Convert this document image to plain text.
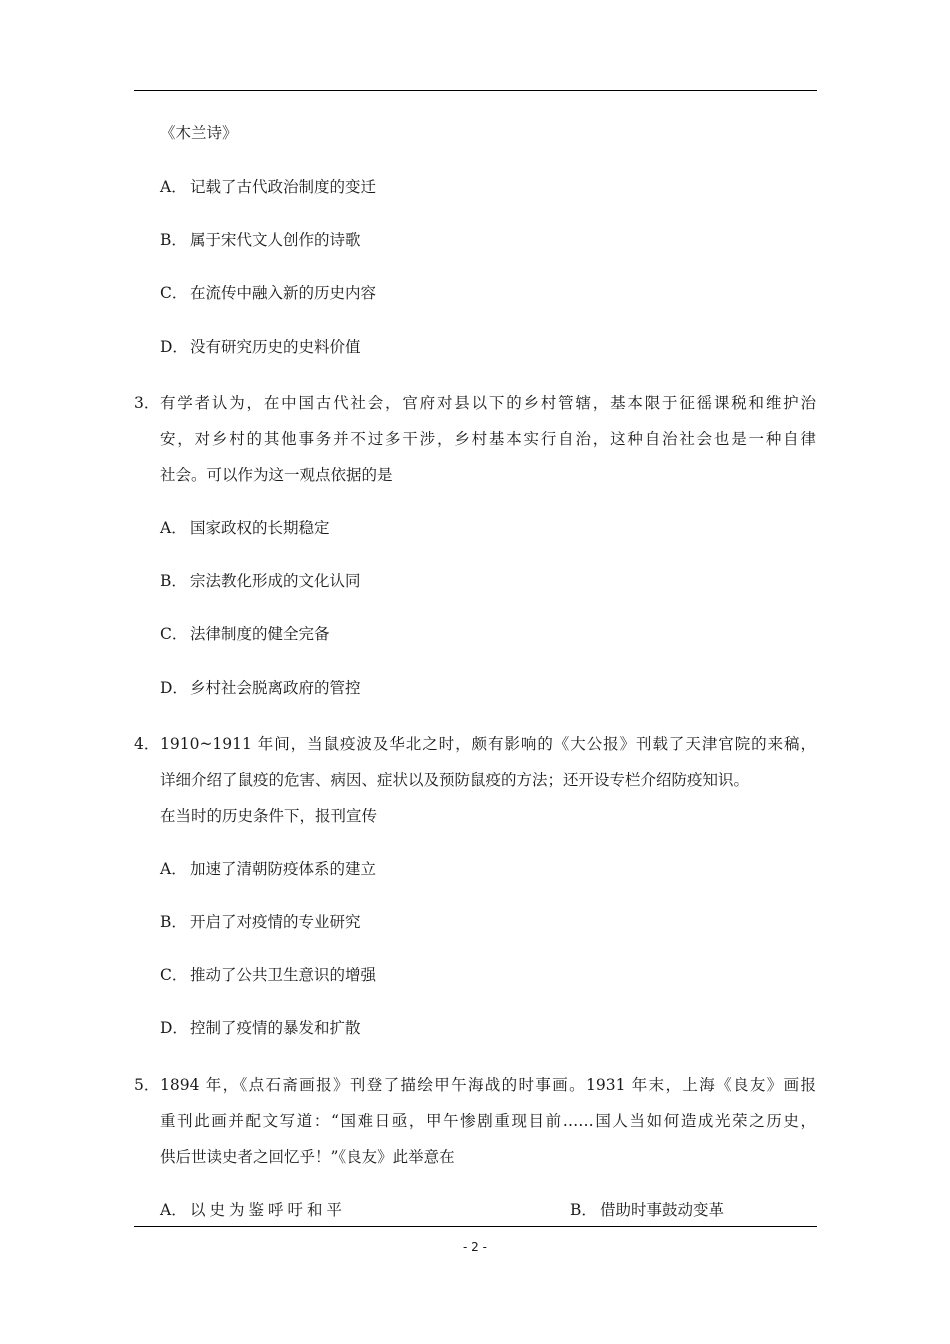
《木兰诗》
A． 记载了古代政治制度的变迁
B． 属于宋代文人创作的诗歌
C． 在流传中融入新的历史内容
D． 没有研究历史的史料价值
3． 有学者认为，在中国古代社会，官府对县以下的乡村管辖，基本限于征徭课税和维护治
安，对乡村的其他事务并不过多干涉，乡村基本实行自治，这种自治社会也是一种自律
社会。可以作为这一观点依据的是
A． 国家政权的长期稳定
B． 宗法教化形成的文化认同
C． 法律制度的健全完备
D． 乡村社会脱离政府的管控
4． 1910~1911 年间，当鼠疫波及华北之时，颇有影响的《大公报》刊载了天津官院的来稿，
详细介绍了鼠疫的危害、病因、症状以及预防鼠疫的方法；还开设专栏介绍防疫知识。
在当时的历史条件下，报刊宣传
A． 加速了清朝防疫体系的建立
B． 开启了对疫情的专业研究
C． 推动了公共卫生意识的增强
D． 控制了疫情的暴发和扩散
5． 1894 年，《点石斋画报》刊登了描绘甲午海战的时事画。1931 年末，上海《良友》画报
重刊此画并配文写道：“国难日亟，甲午惨剧重现目前……国人当如何造成光荣之历史，
供后世读史者之回忆乎！”《良友》此举意在
A． 以史为鉴呼吁和平	B． 借助时事鼓动变革
- 2 -
